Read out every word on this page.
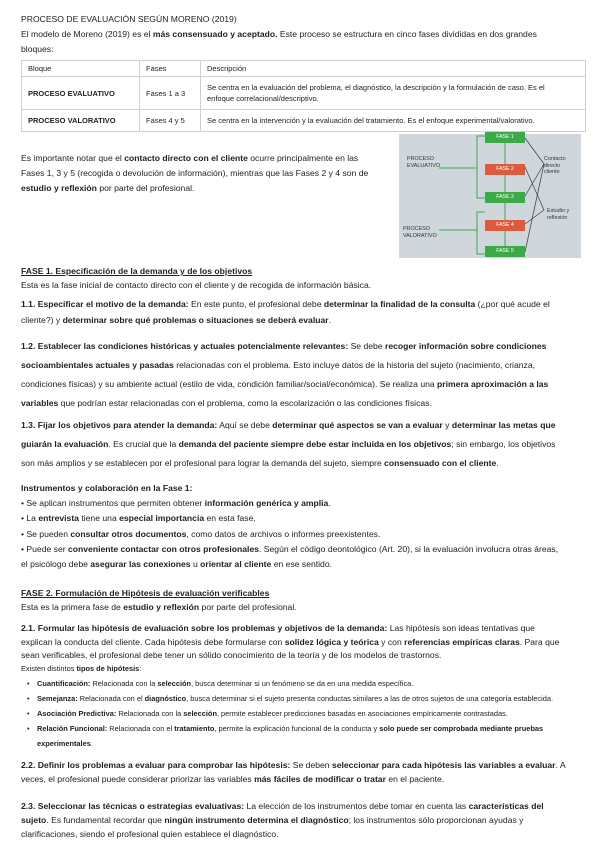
PROCESO DE EVALUACIÓN SEGÚN MORENO (2019)
El modelo de Moreno (2019) es el más consensuado y aceptado. Este proceso se estructura en cinco fases divididas en dos grandes
bloques:
Bloque	Fases	Descripción
PROCESO EVALUATIVO	Fases 1 a 3	Se centra en la evaluación del problema, el diagnóstico, la descripción y la formulación de caso. Es el
enfoque correlacional/descriptivo.
PROCESO VALORATIVO	Fases 4 y 5	Se centra en la intervención y la evaluación del tratamiento. Es el enfoque experimental/valorativo.
Es importante notar que el contacto directo con el cliente ocurre principalmente en las
Fases 1, 3 y 5 (recogida o devolución de información), mientras que las Fases 2 y 4 son de
estudio y reflexión por parte del profesional.
PROCESO
EVALUATIVO
PROCESO
VALORATIVO
FASE 1
FASE 2
FASE 3
FASE 4
FASE 5
Contacto directo
cliente
Estudio y
reflexión
FASE 1. Especificación de la demanda y de los objetivos
Esta es la fase inicial de contacto directo con el cliente y de recogida de información básica.
1.1. Especificar el motivo de la demanda: En este punto, el profesional debe determinar la finalidad de la consulta (¿por qué acude el
cliente?) y determinar sobre qué problemas o situaciones se deberá evaluar.
1.2. Establecer las condiciones históricas y actuales potencialmente relevantes: Se debe recoger información sobre condiciones
socioambientales actuales y pasadas relacionadas con el problema. Esto incluye datos de la historia del sujeto (nacimiento, crianza,
condiciones físicas) y su ambiente actual (estilo de vida, condición familiar/social/económica). Se realiza una primera aproximación a las
variables que podrían estar relacionadas con el problema, como la escolarización o las condiciones físicas.
1.3. Fijar los objetivos para atender la demanda: Aquí se debe determinar qué aspectos se van a evaluar y determinar las metas que
guiarán la evaluación. Es crucial que la demanda del paciente siempre debe estar incluida en los objetivos; sin embargo, los objetivos
son más amplios y se establecen por el profesional para lograr la demanda del sujeto, siempre consensuado con el cliente.
Instrumentos y colaboración en la Fase 1:
• Se aplican instrumentos que permiten obtener información genérica y amplia.
• La entrevista tiene una especial importancia en esta fase.
• Se pueden consultar otros documentos, como datos de archivos o informes preexistentes.
• Puede ser conveniente contactar con otros profesionales. Según el código deontológico (Art. 20), si la evaluación involucra otras áreas,
el psicólogo debe asegurar las conexiones u orientar al cliente en ese sentido.
FASE 2. Formulación de Hipótesis de evaluación verificables
Esta es la primera fase de estudio y reflexión por parte del profesional.
2.1. Formular las hipótesis de evaluación sobre los problemas y objetivos de la demanda: Las hipótesis son ideas tentativas que
explican la conducta del cliente. Cada hipótesis debe formularse con solidez lógica y teórica y con referencias empíricas claras. Para que
sean verificables, el profesional debe tener un sólido conocimiento de la teoría y de los modelos de trastornos.
Existen distintos tipos de hipótesis:
• Cuantificación: Relacionada con la selección, busca determinar si un fenómeno se da en una medida específica.
• Semejanza: Relacionada con el diagnóstico, busca determinar si el sujeto presenta conductas similares a las de otros sujetos de una categoría establecida.
• Asociación Predictiva: Relacionada con la selección, permite establecer predicciones basadas en asociaciones empíricamente contrastadas.
• Relación Funcional: Relacionada con el tratamiento, permite la explicación funcional de la conducta y solo puede ser comprobada mediante pruebas
experimentales.
2.2. Definir los problemas a evaluar para comprobar las hipótesis: Se deben seleccionar para cada hipótesis las variables a evaluar. A
veces, el profesional puede considerar priorizar las variables más fáciles de modificar o tratar en el paciente.
2.3. Seleccionar las técnicas o estrategias evaluativas: La elección de los instrumentos debe tomar en cuenta las características del
sujeto. Es fundamental recordar que ningún instrumento determina el diagnóstico; los instrumentos sólo proporcionan ayudas y
clarificaciones, siendo el profesional quien establece el diagnóstico.
